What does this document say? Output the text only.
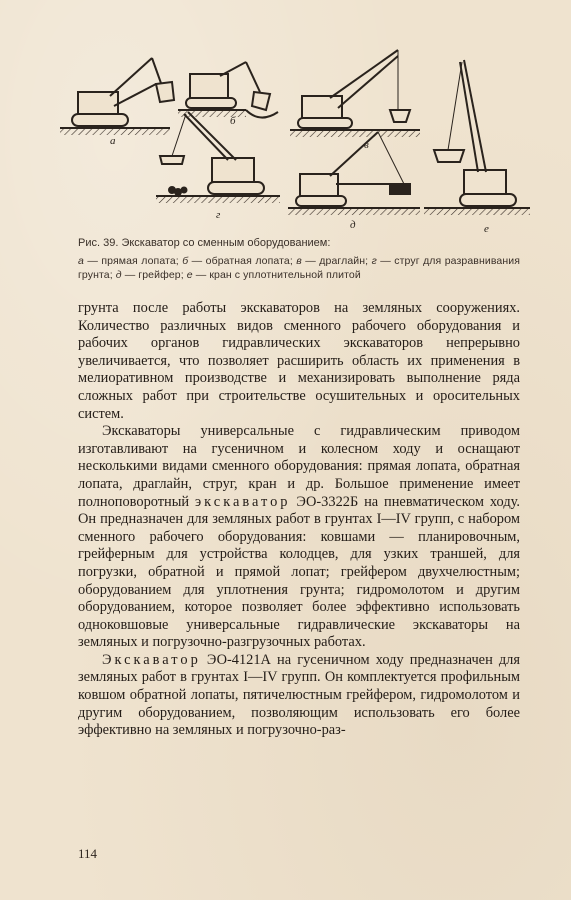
а
б
в
г
д	е
Рис. 39. Экскаватор со сменным оборудованием:
а — прямая лопата; б — обратная лопата; в — драглайн; г — струг для разравнивания грунта; д — грейфер; е — кран с уплотнительной плитой

грунта после работы экскаваторов на земляных сооружениях. Количество различных видов сменного рабочего оборудования и рабочих органов гидравлических экскаваторов непрерывно увеличивается, что позволяет расширить область их применения в мелиоративном производстве и механизировать выполнение ряда сложных работ при строительстве осушительных и оросительных систем.

Экскаваторы универсальные с гидравлическим приводом изготавливают на гусеничном и колесном ходу и оснащают несколькими видами сменного оборудования: прямая лопата, обратная лопата, драглайн, струг, кран и др. Большое применение имеет полноповоротный экскаватор ЭО-3322Б на пневматическом ходу. Он предназначен для земляных работ в грунтах I—IV групп, с набором сменного рабочего оборудования: ковшами — планировочным, грейферным для устройства колодцев, для узких траншей, для погрузки, обратной и прямой лопат; грейфером двухчелюстным; оборудованием для уплотнения грунта; гидромолотом и другим оборудованием, которое позволяет более эффективно использовать одноковшовые универсальные гидравлические экскаваторы на земляных и погрузочно-разгрузочных работах.

Экскаватор ЭО-4121А на гусеничном ходу предназначен для земляных работ в грунтах I—IV групп. Он комплектуется профильным ковшом обратной лопаты, пятичелюстным грейфером, гидромолотом и другим оборудованием, позволяющим использовать его более эффективно на земляных и погрузочно-раз-

114
